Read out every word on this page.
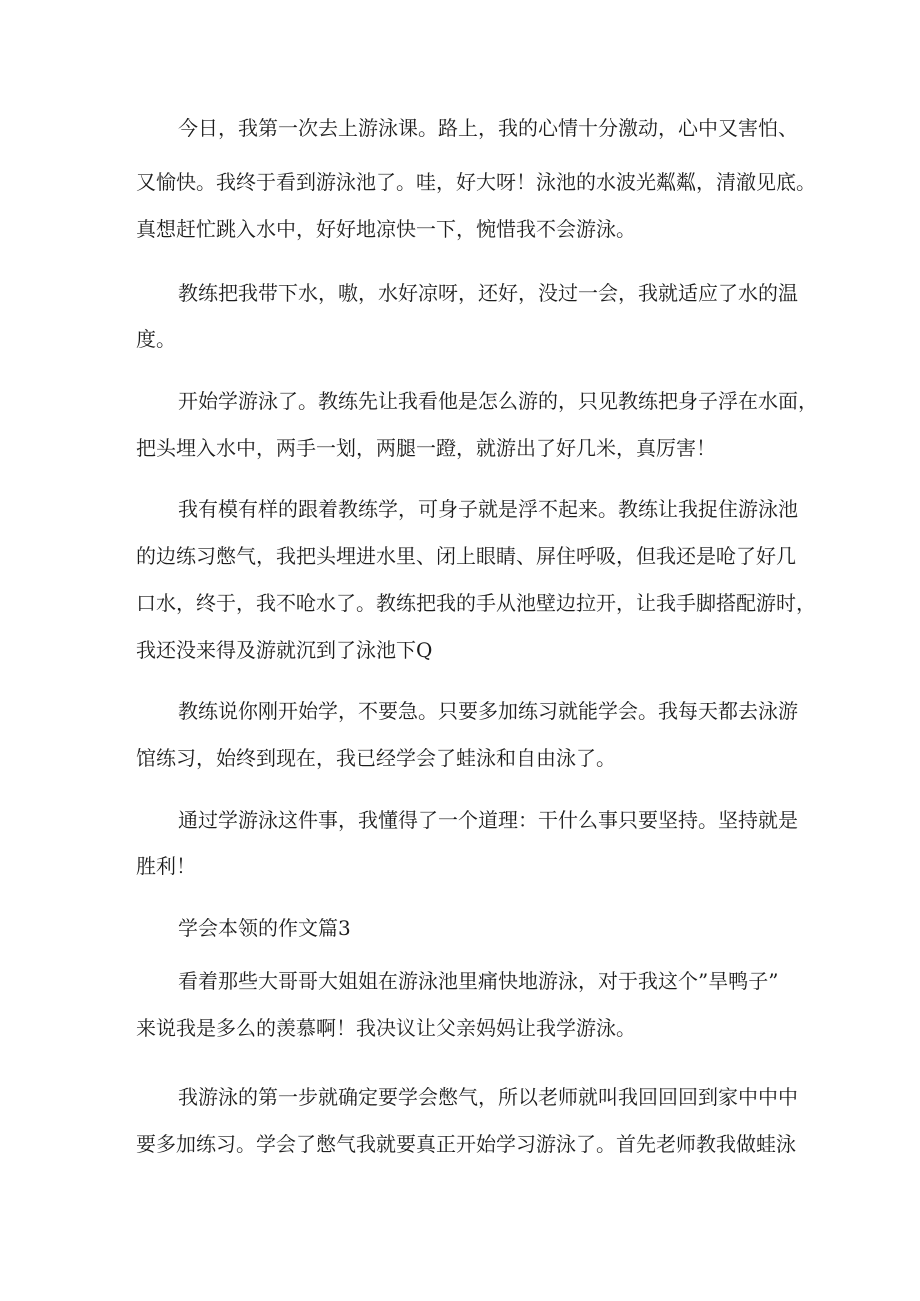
今日，我第一次去上游泳课。路上，我的心情十分激动，心中又害怕、

又愉快。我终于看到游泳池了。哇，好大呀！泳池的水波光粼粼，清澈见底。

真想赶忙跳入水中，好好地凉快一下，惋惜我不会游泳。

教练把我带下水，嗷，水好凉呀，还好，没过一会，我就适应了水的温

度。

开始学游泳了。教练先让我看他是怎么游的，只见教练把身子浮在水面，

把头埋入水中，两手一划，两腿一蹬，就游出了好几米，真厉害！

我有模有样的跟着教练学，可身子就是浮不起来。教练让我捉住游泳池

的边练习憋气，我把头埋进水里、闭上眼睛、屏住呼吸，但我还是呛了好几

口水，终于，我不呛水了。教练把我的手从池壁边拉开，让我手脚搭配游时，

我还没来得及游就沉到了泳池下Q

教练说你刚开始学，不要急。只要多加练习就能学会。我每天都去泳游

馆练习，始终到现在，我已经学会了蛙泳和自由泳了。

通过学游泳这件事，我懂得了一个道理：干什么事只要坚持。坚持就是

胜利！

学会本领的作文篇3

看着那些大哥哥大姐姐在游泳池里痛快地游泳，对于我这个”旱鸭子”

来说我是多么的羡慕啊！我决议让父亲妈妈让我学游泳。

我游泳的第一步就确定要学会憋气，所以老师就叫我回回回到家中中中

要多加练习。学会了憋气我就要真正开始学习游泳了。首先老师教我做蛙泳
